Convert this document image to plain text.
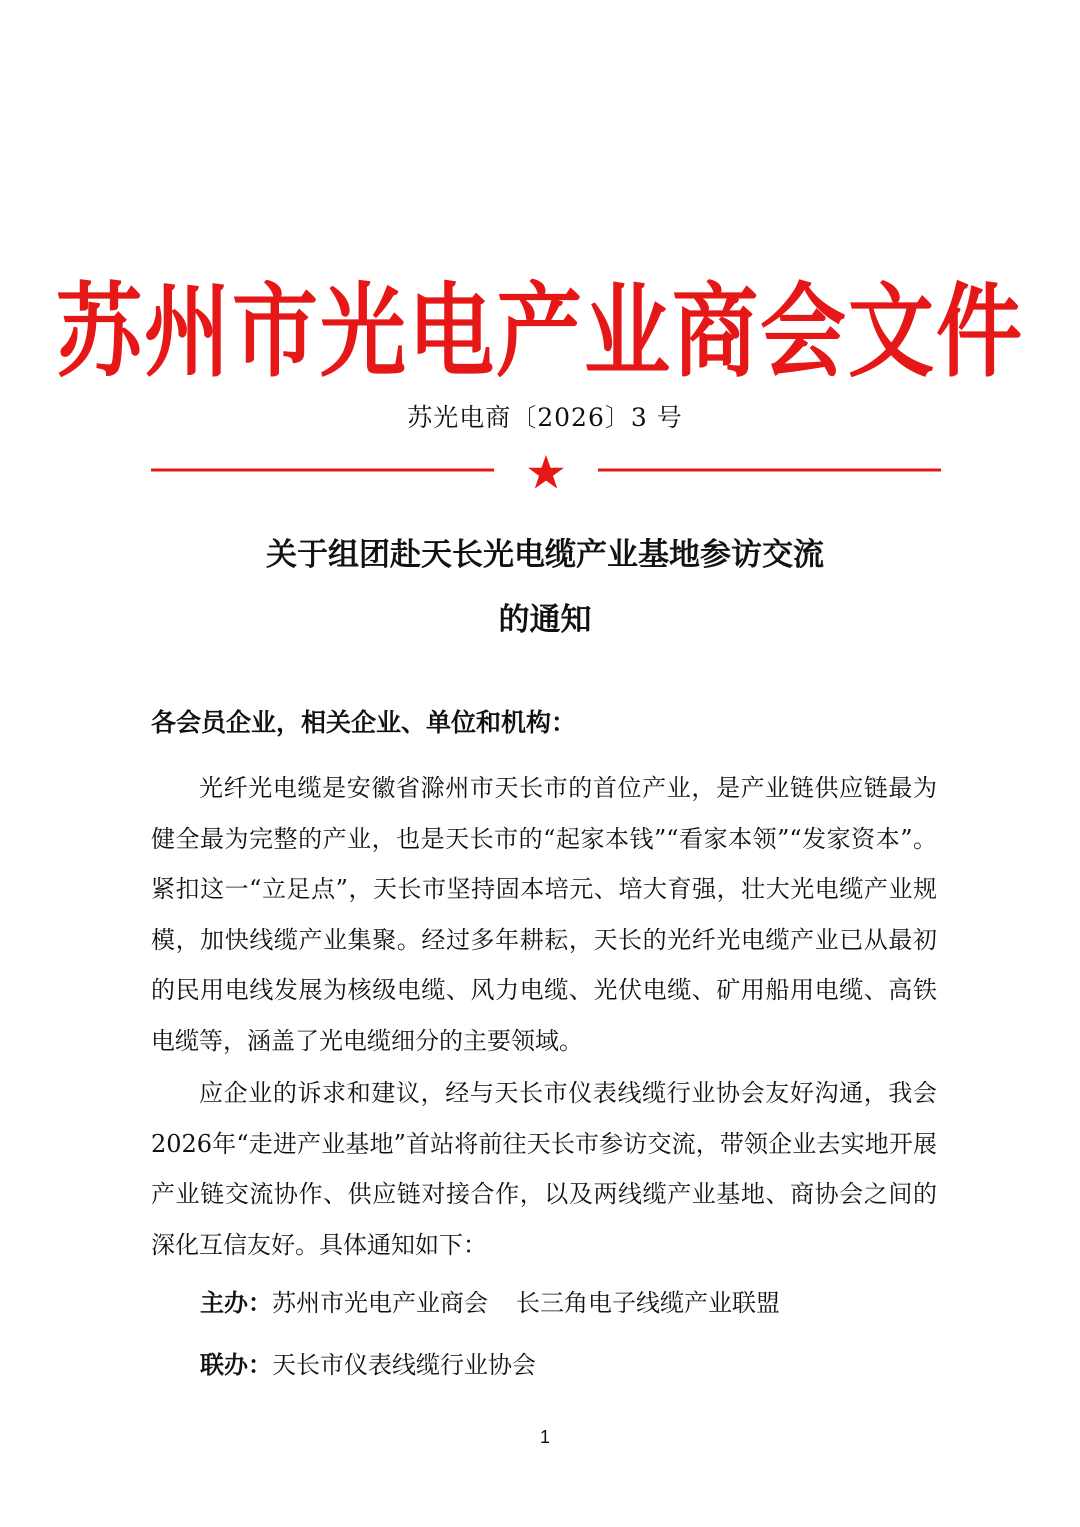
苏州市光电产业商会文件
苏光电商〔2026〕3 号
关于组团赴天长光电缆产业基地参访交流
的通知
各会员企业，相关企业、单位和机构：
光纤光电缆是安徽省滁州市天长市的首位产业，是产业链供应链最为健全最为完整的产业，也是天长市的“起家本钱”“看家本领”“发家资本”。紧扣这一“立足点”，天长市坚持固本培元、培大育强，壮大光电缆产业规模，加快线缆产业集聚。经过多年耕耘，天长的光纤光电缆产业已从最初的民用电线发展为核级电缆、风力电缆、光伏电缆、矿用船用电缆、高铁电缆等，涵盖了光电缆细分的主要领域。
应企业的诉求和建议，经与天长市仪表线缆行业协会友好沟通，我会2026年“走进产业基地”首站将前往天长市参访交流，带领企业去实地开展产业链交流协作、供应链对接合作，以及两线缆产业基地、商协会之间的深化互信友好。具体通知如下：
主办：苏州市光电产业商会 长三角电子线缆产业联盟
联办：天长市仪表线缆行业协会
1
